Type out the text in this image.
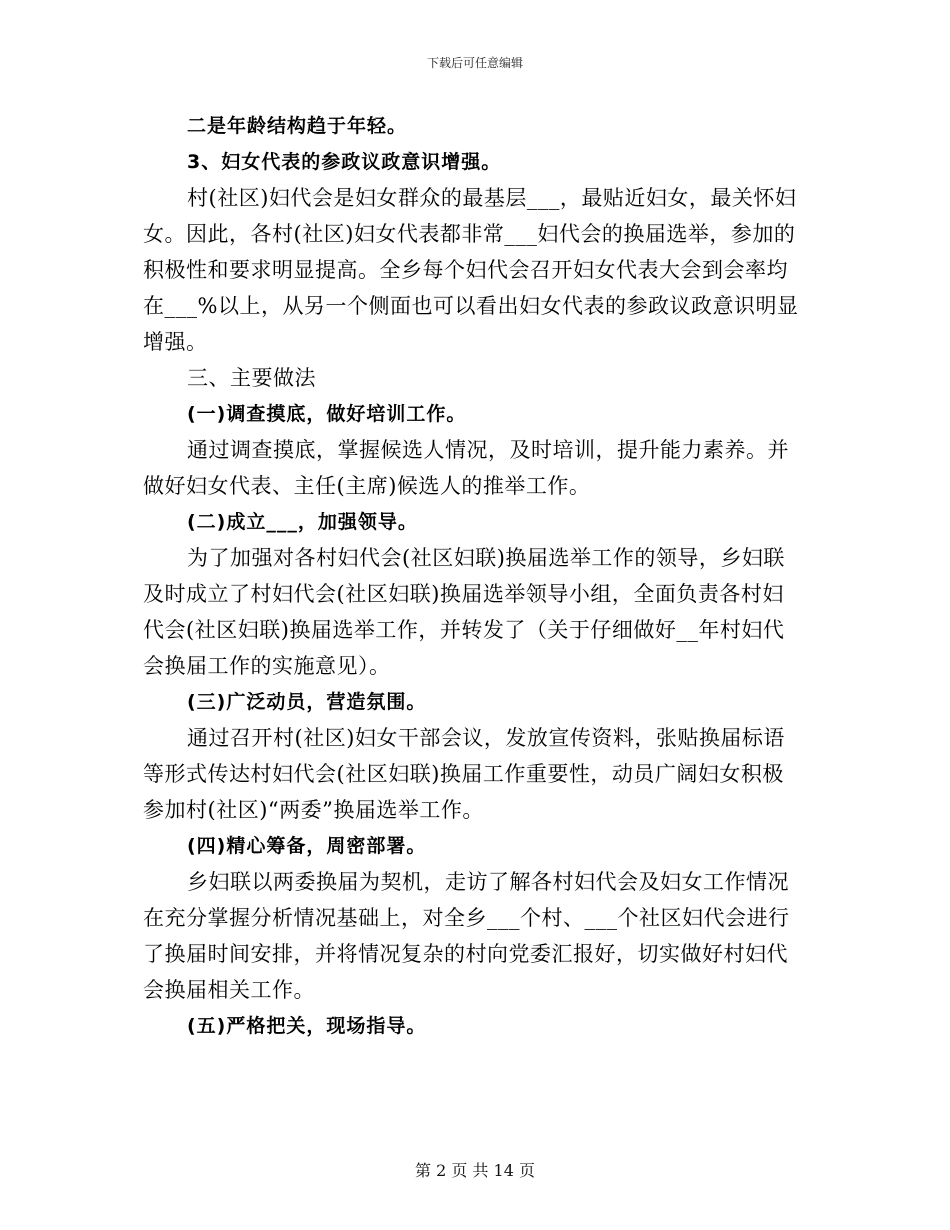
下载后可任意编辑
二是年龄结构趋于年轻。
3、妇女代表的参政议政意识增强。
村(社区)妇代会是妇女群众的最基层___，最贴近妇女，最关怀妇
女。因此，各村(社区)妇女代表都非常___妇代会的换届选举，参加的
积极性和要求明显提高。全乡每个妇代会召开妇女代表大会到会率均
在___%以上，从另一个侧面也可以看出妇女代表的参政议政意识明显
增强。
三、主要做法
(一)调查摸底，做好培训工作。
通过调查摸底，掌握候选人情况，及时培训，提升能力素养。并
做好妇女代表、主任(主席)候选人的推举工作。
(二)成立___，加强领导。
为了加强对各村妇代会(社区妇联)换届选举工作的领导，乡妇联
及时成立了村妇代会(社区妇联)换届选举领导小组，全面负责各村妇
代会(社区妇联)换届选举工作，并转发了（关于仔细做好__年村妇代
会换届工作的实施意见）。
(三)广泛动员，营造氛围。
通过召开村(社区)妇女干部会议，发放宣传资料，张贴换届标语
等形式传达村妇代会(社区妇联)换届工作重要性，动员广阔妇女积极
参加村(社区)“两委”换届选举工作。
(四)精心筹备，周密部署。
乡妇联以两委换届为契机，走访了解各村妇代会及妇女工作情况
在充分掌握分析情况基础上，对全乡___个村、___个社区妇代会进行
了换届时间安排，并将情况复杂的村向党委汇报好，切实做好村妇代
会换届相关工作。
(五)严格把关，现场指导。
第 2 页 共 14 页
